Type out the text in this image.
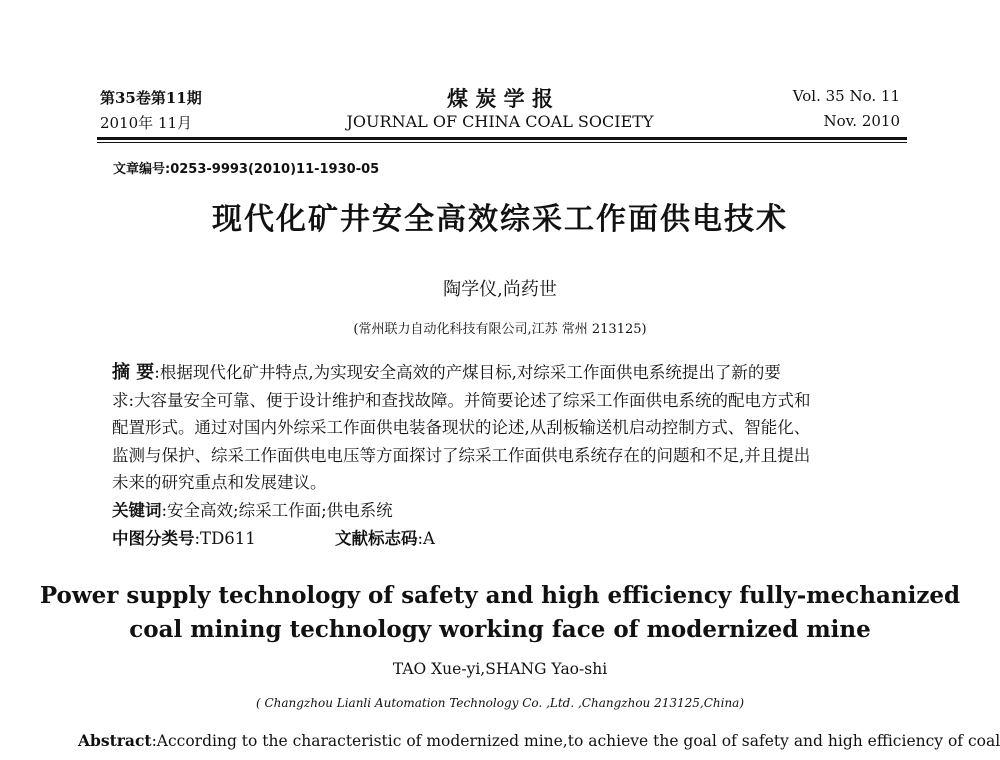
第35卷第11期
2010年 11月
煤 炭 学 报
JOURNAL OF CHINA COAL SOCIETY
Vol. 35 No. 11
Nov. 2010
文章编号:0253-9993(2010)11-1930-05
现代化矿井安全高效综采工作面供电技术
陶学仪,尚药世
(常州联力自动化科技有限公司,江苏 常州 213125)
摘 要:根据现代化矿井特点,为实现安全高效的产煤目标,对综采工作面供电系统提出了新的要
求:大容量安全可靠、便于设计维护和查找故障。并简要论述了综采工作面供电系统的配电方式和
配置形式。通过对国内外综采工作面供电装备现状的论述,从刮板输送机启动控制方式、智能化、
监测与保护、综采工作面供电电压等方面探讨了综采工作面供电系统存在的问题和不足,并且提出
未来的研究重点和发展建议。
关键词:安全高效;综采工作面;供电系统
中图分类号:TD611	文献标志码:A
Power supply technology of safety and high efficiency fully-mechanized
coal mining technology working face of modernized mine
TAO Xue-yi,SHANG Yao-shi
( Changzhou Lianli Automation Technology Co. ,Ltd. ,Changzhou 213125,China)
Abstract:According to the characteristic of modernized mine,to achieve the goal of safety and high efficiency of coal
